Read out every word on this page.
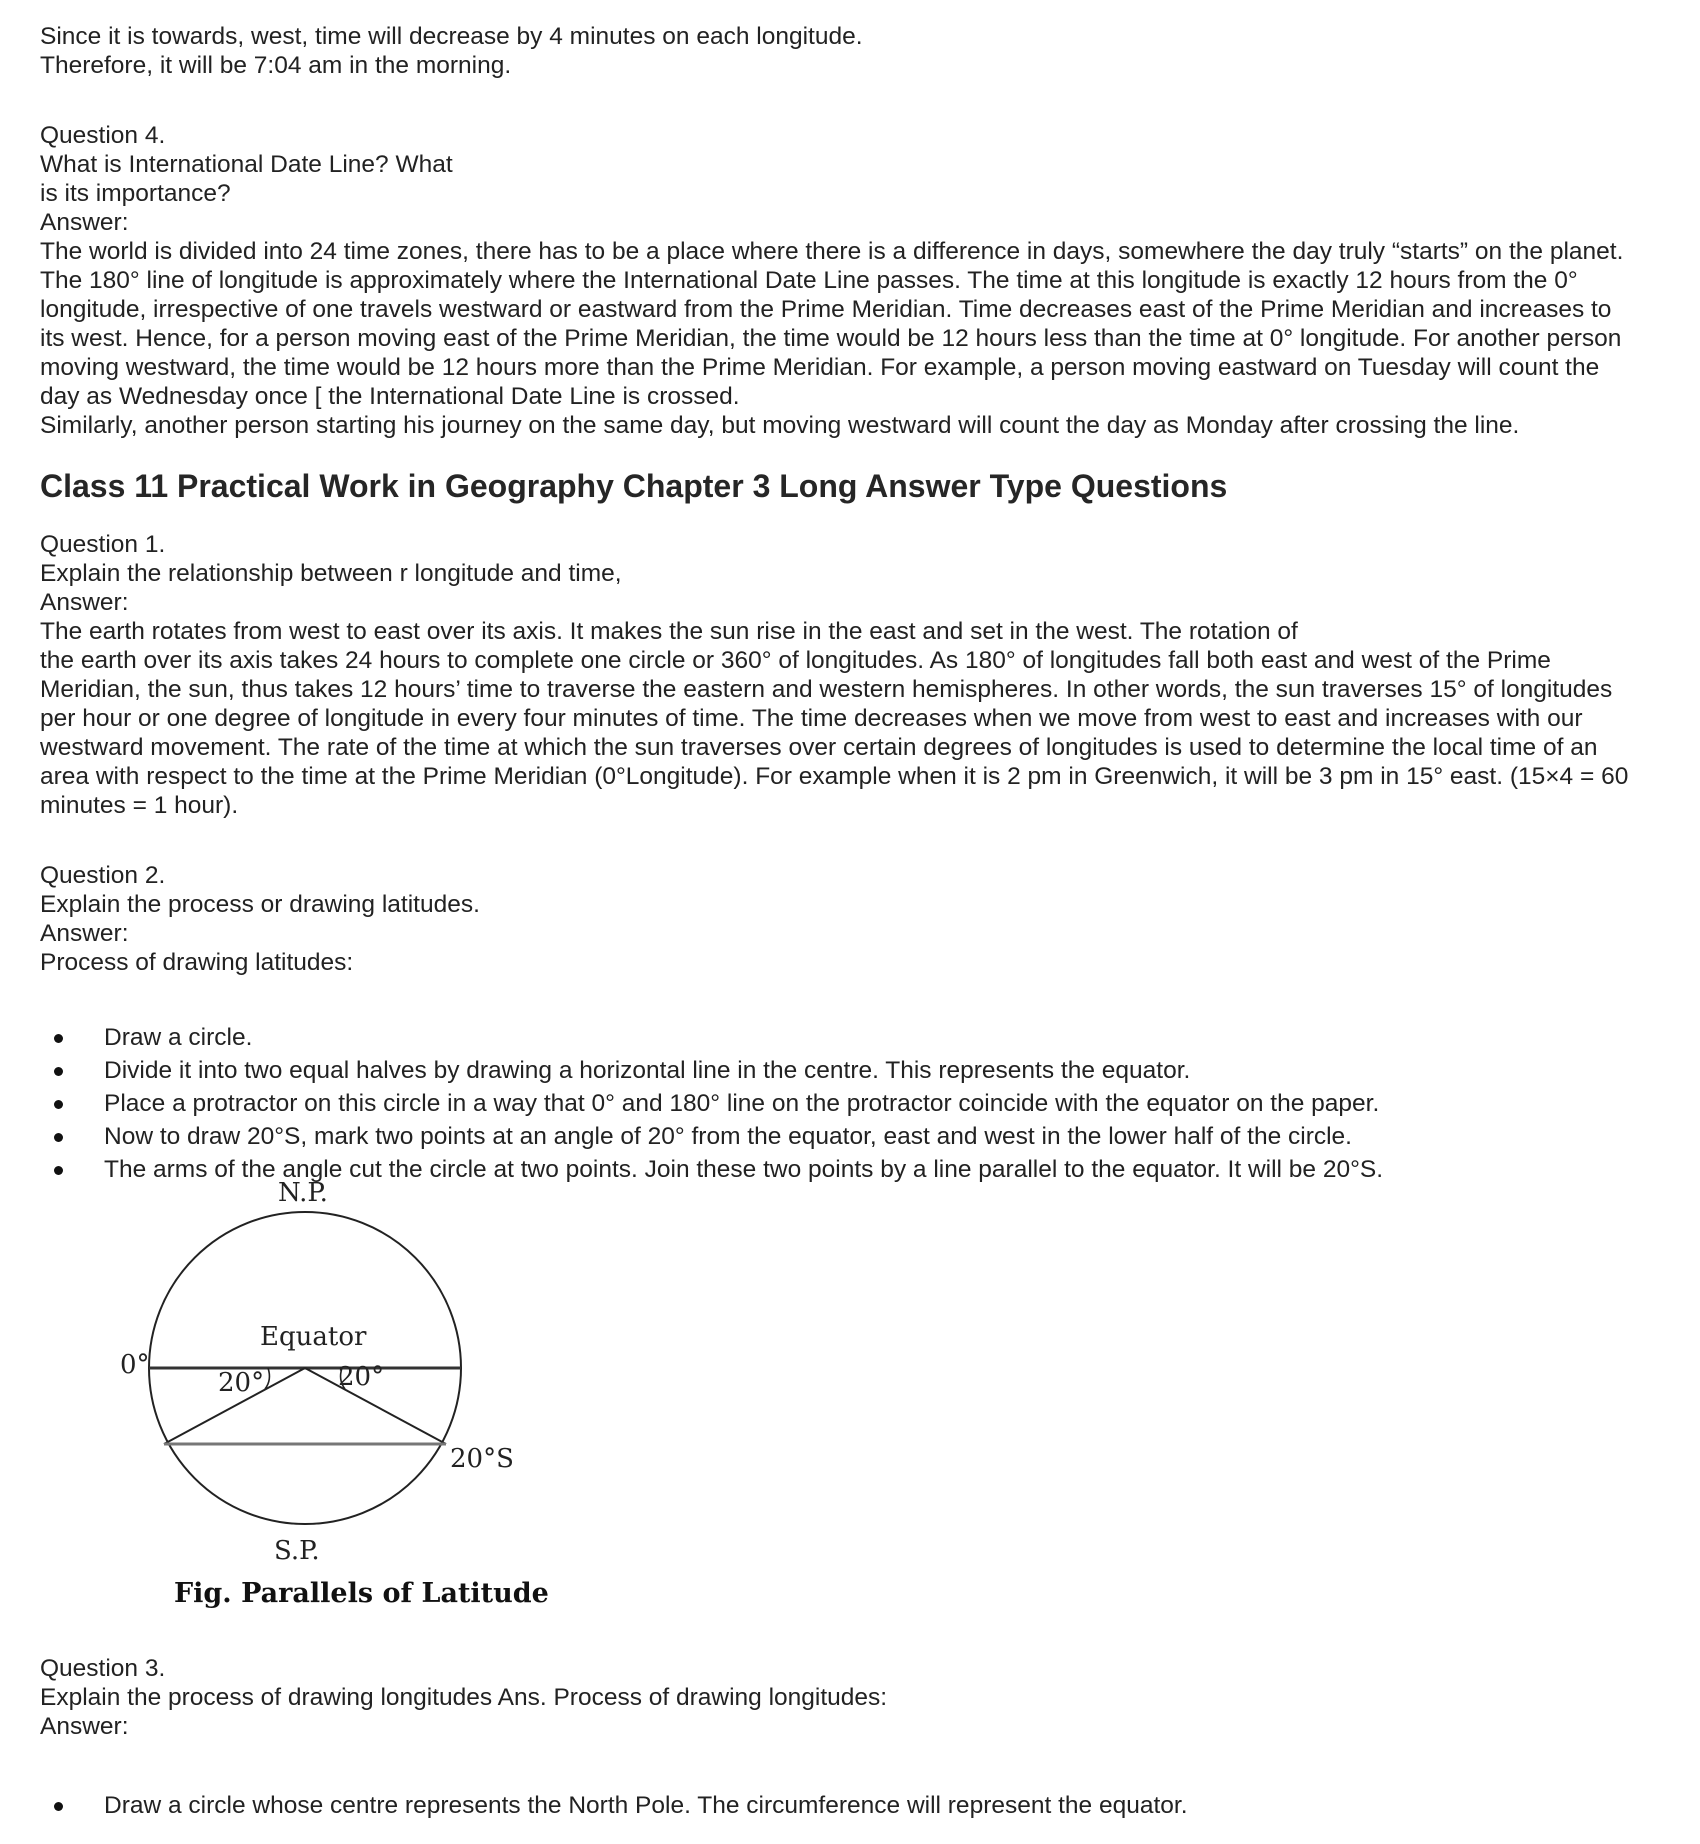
Since it is towards, west, time will decrease by 4 minutes on each longitude.

Therefore, it will be 7:04 am in the morning.

Question 4.

What is International Date Line? What

is its importance?

Answer:

The world is divided into 24 time zones, there has to be a place where there is a difference in days, somewhere the day truly “starts” on the planet.

The 180° line of longitude is approximately where the International Date Line passes. The time at this longitude is exactly 12 hours from the 0°

longitude, irrespective of one travels westward or eastward from the Prime Meridian. Time decreases east of the Prime Meridian and increases to

its west. Hence, for a person moving east of the Prime Meridian, the time would be 12 hours less than the time at 0° longitude. For another person

moving westward, the time would be 12 hours more than the Prime Meridian. For example, a person moving eastward on Tuesday will count the

day as Wednesday once [ the International Date Line is crossed.

Similarly, another person starting his journey on the same day, but moving westward will count the day as Monday after crossing the line.

Class 11 Practical Work in Geography Chapter 3 Long Answer Type Questions

Question 1.

Explain the relationship between r longitude and time,

Answer:

The earth rotates from west to east over its axis. It makes the sun rise in the east and set in the west. The rotation of

the earth over its axis takes 24 hours to complete one circle or 360° of longitudes. As 180° of longitudes fall both east and west of the Prime

Meridian, the sun, thus takes 12 hours’ time to traverse the eastern and western hemispheres. In other words, the sun traverses 15° of longitudes

per hour or one degree of longitude in every four minutes of time. The time decreases when we move from west to east and increases with our

westward movement. The rate of the time at which the sun traverses over certain degrees of longitudes is used to determine the local time of an

area with respect to the time at the Prime Meridian (0°Longitude). For example when it is 2 pm in Greenwich, it will be 3 pm in 15° east. (15×4 = 60

minutes = 1 hour).

Question 2.

Explain the process or drawing latitudes.

Answer:

Process of drawing latitudes:

Draw a circle.
Divide it into two equal halves by drawing a horizontal line in the centre. This represents the equator.
Place a protractor on this circle in a way that 0° and 180° line on the protractor coincide with the equator on the paper.
Now to draw 20°S, mark two points at an angle of 20° from the equator, east and west in the lower half of the circle.
The arms of the angle cut the circle at two points. Join these two points by a line parallel to the equator. It will be 20°S.
N.P.
Equator
0°
20°	20°
20°S
S.P.
Fig. Parallels of Latitude

Question 3.

Explain the process of drawing longitudes Ans. Process of drawing longitudes:

Answer:

Draw a circle whose centre represents the North Pole. The circumference will represent the equator.
